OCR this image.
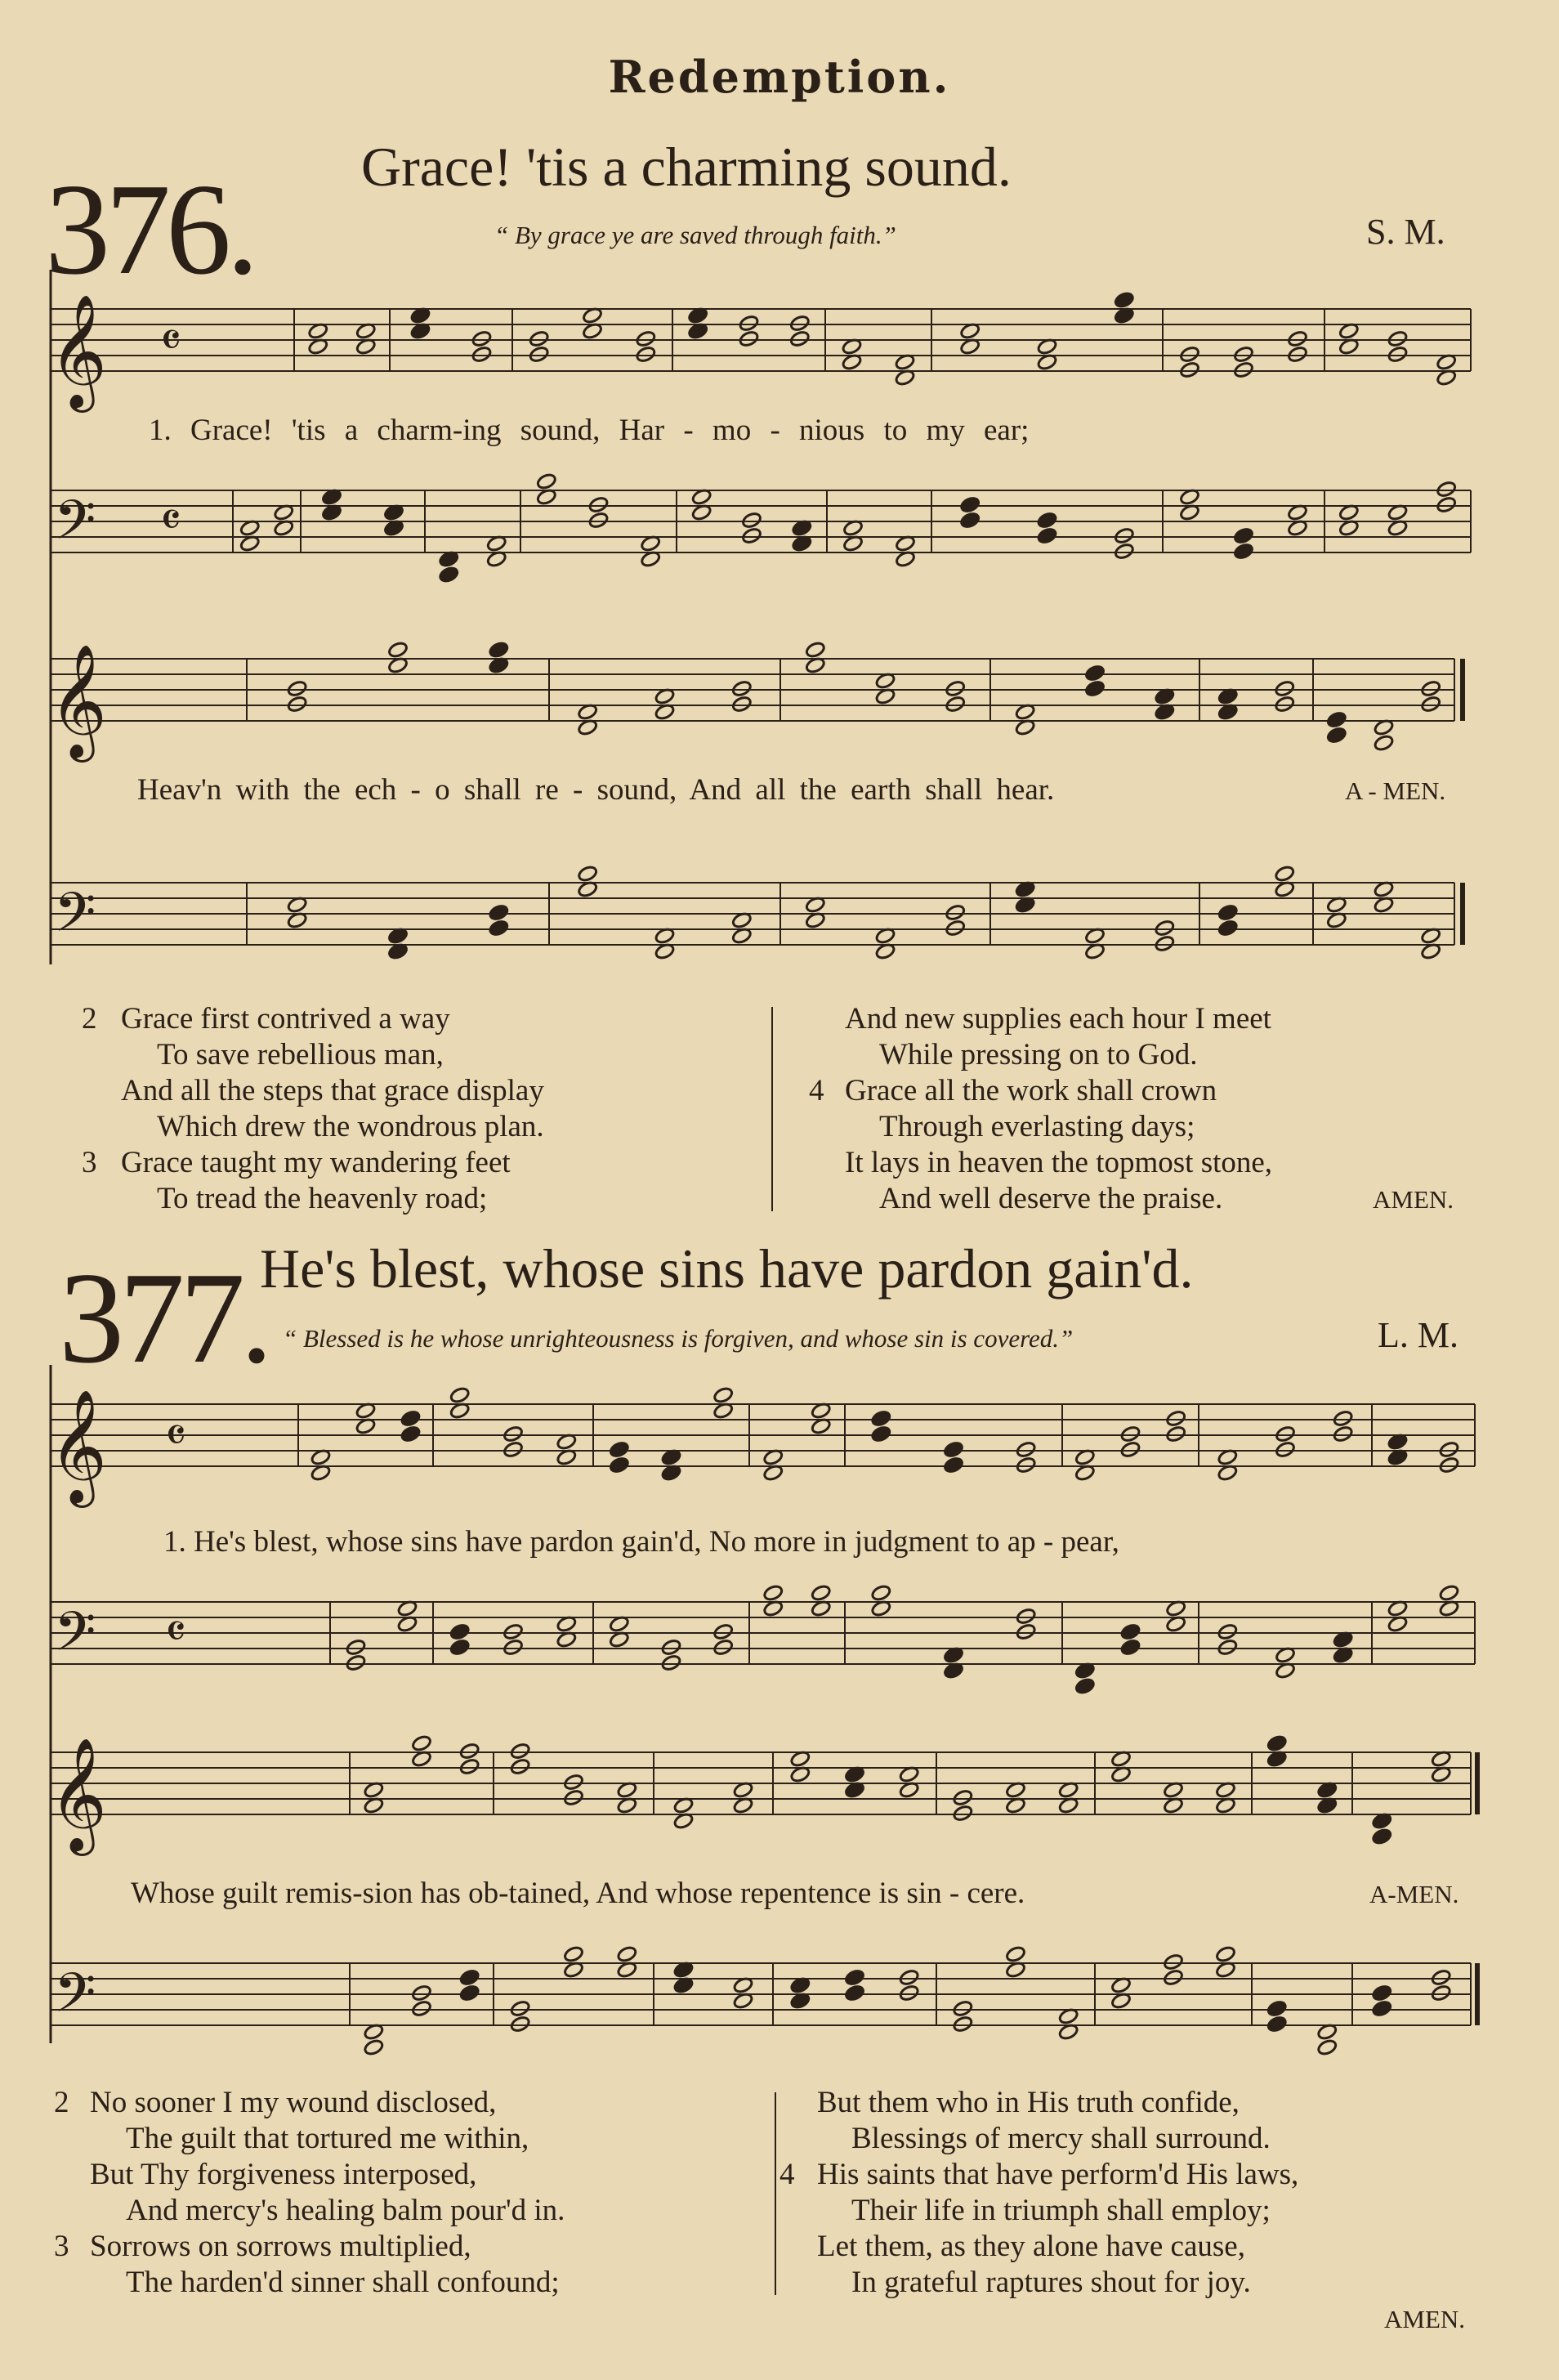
Redemption.
376. Grace! 'tis a charming sound.
“ By grace ye are saved through faith.”	S. M.
1. Grace! 'tis a charm-ing sound, Har - mo - nious to my ear;
Heav'n with the ech - o shall re - sound, And all the earth shall hear.	A - MEN.
2 Grace first contrived a way
To save rebellious man,
And all the steps that grace display
Which drew the wondrous plan.
3 Grace taught my wandering feet
To tread the heavenly road;
And new supplies each hour I meet
While pressing on to God.
4 Grace all the work shall crown
Through everlasting days;
It lays in heaven the topmost stone,
And well deserve the praise.	AMEN.
377.
He's blest, whose sins have pardon gain'd.
“ Blessed is he whose unrighteousness is forgiven, and whose sin is covered.”	L. M.
1. He's blest, whose sins have pardon gain'd, No more in judgment to ap - pear,
Whose guilt remis-sion has ob-tained, And whose repentence is sin - cere.	A-MEN.
2 No sooner I my wound disclosed,
The guilt that tortured me within,
But Thy forgiveness interposed,
And mercy's healing balm pour'd in.
3 Sorrows on sorrows multiplied,
The harden'd sinner shall confound;
But them who in His truth confide,
Blessings of mercy shall surround.
4 His saints that have perform'd His laws,
Their life in triumph shall employ;
Let them, as they alone have cause,
In grateful raptures shout for joy.
AMEN.
𝄞 𝄴
𝄢 𝄴
𝄞
𝄢
𝄞 𝄴
𝄢 𝄴
𝄞
𝄢
